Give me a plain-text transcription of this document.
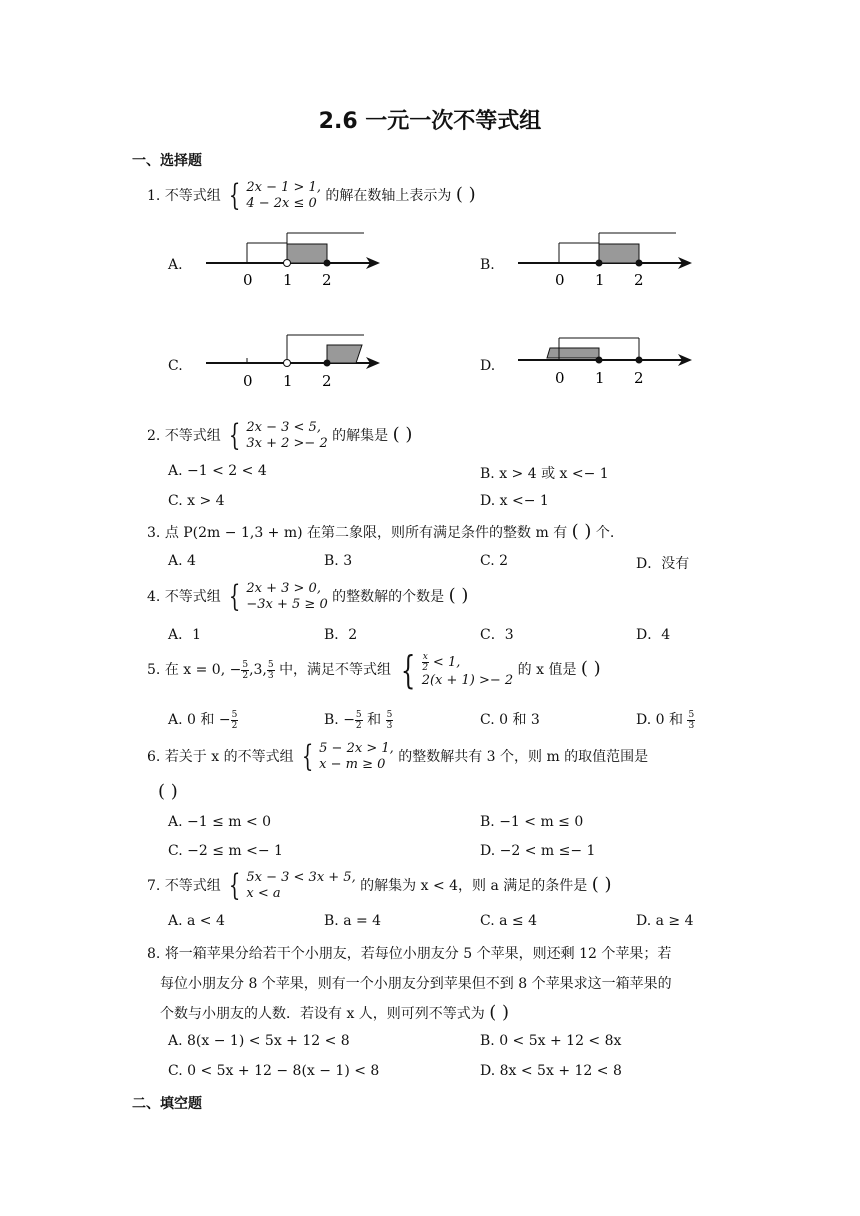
2.6 一元一次不等式组
一、选择题
1. 不等式组 { 2x − 1 > 1,
4 − 2x ≤ 0 的解在数轴上表示为 ( )
A.
0 1 2
B.
0 1 2
C.
0 1 2
D.
0 1 2
2. 不等式组 { 2x − 3 < 5,
3x + 2 >− 2 的解集是 ( )
A. −1 < 2 < 4	B. x > 4 或 x <− 1
C. x > 4	D. x <− 1
3. 点 P(2m − 1,3 + m) 在第二象限，则所有满足条件的整数 m 有 ( ) 个.
A. 4	B. 3	C. 2	D．没有
4. 不等式组 { 2x + 3 > 0,
−3x + 5 ≥ 0 的整数解的个数是 ( )
A．1	B．2	C．3	D．4
5. 在 x = 0, − $\frac{5}{2} ,3$, $\frac{5}{3}$ 中，满足不等式组 { $\frac{x}{2} < 1$,
2(x + 1) >− 2
的 x 值是 ( )
A. 0 和 − $\frac{5}{2}$	B. − $\frac{5}{2}$ 和 $\frac{5}{3}$	C. 0 和 3	D. 0 和 $\frac{5}{3}$
6. 若关于 x 的不等式组 { 5 − 2x > 1,
x − m ≥ 0 的整数解共有 3 个，则 m 的取值范围是
( )
A. −1 ≤ m < 0	B. −1 < m ≤ 0
C. −2 ≤ m <− 1	D. −2 < m ≤− 1
7. 不等式组 { 5x − 3 < 3x + 5,
x < a	的解集为 x < 4，则 a 满足的条件是 ( )
A. a < 4	B. a = 4	C. a ≤ 4	D. a ≥ 4
8. 将一箱苹果分给若干个小朋友，若每位小朋友分 5 个苹果，则还剩 12 个苹果；若
每位小朋友分 8 个苹果，则有一个小朋友分到苹果但不到 8 个苹果求这一箱苹果的
个数与小朋友的人数．若设有 x 人，则可列不等式为 ( )
A. 8(x − 1) < 5x + 12 < 8	B. 0 < 5x + 12 < 8x
C. 0 < 5x + 12 − 8(x − 1) < 8	D. 8x < 5x + 12 < 8
二、填空题
